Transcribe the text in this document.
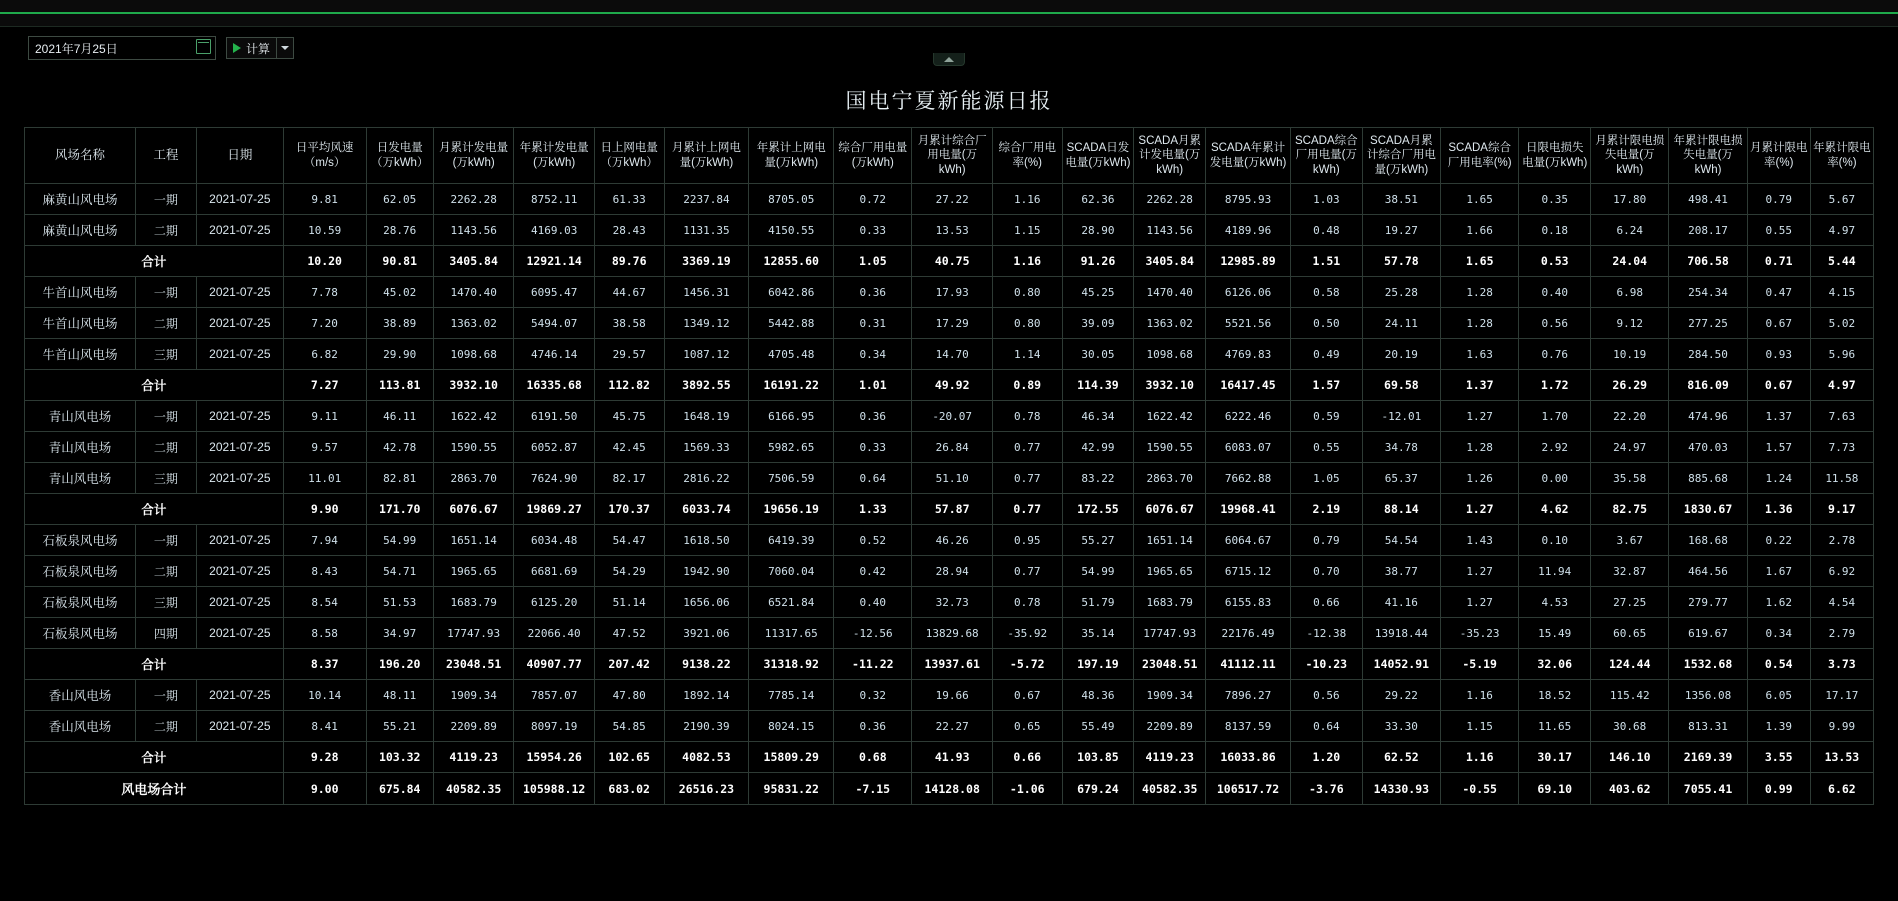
2021年7月25日	计算
国电宁夏新能源日报
风场名称	工程	日期	日平均风速（m/s）	日发电量（万kWh）	月累计发电量(万kWh)	年累计发电量(万kWh)	日上网电量（万kWh）	月累计上网电量(万kWh)	年累计上网电量(万kWh)	综合厂用电量(万kWh)	月累计综合厂用电量(万kWh)	综合厂用电率(%)	SCADA日发电量(万kWh)	SCADA月累计发电量(万kWh)	SCADA年累计发电量(万kWh)	SCADA综合厂用电量(万kWh)	SCADA月累计综合厂用电量(万kWh)	SCADA综合厂用电率(%)	日限电损失电量(万kWh)	月累计限电损失电量(万kWh)	年累计限电损失电量(万kWh)	月累计限电率(%)	年累计限电率(%)
麻黄山风电场	一期	2021-07-25	9.81	62.05	2262.28	8752.11	61.33	2237.84	8705.05	0.72	27.22	1.16	62.36	2262.28	8795.93	1.03	38.51	1.65	0.35	17.80	498.41	0.79	5.67
麻黄山风电场	二期	2021-07-25	10.59	28.76	1143.56	4169.03	28.43	1131.35	4150.55	0.33	13.53	1.15	28.90	1143.56	4189.96	0.48	19.27	1.66	0.18	6.24	208.17	0.55	4.97
合计			10.20	90.81	3405.84	12921.14	89.76	3369.19	12855.60	1.05	40.75	1.16	91.26	3405.84	12985.89	1.51	57.78	1.65	0.53	24.04	706.58	0.71	5.44
牛首山风电场	一期	2021-07-25	7.78	45.02	1470.40	6095.47	44.67	1456.31	6042.86	0.36	17.93	0.80	45.25	1470.40	6126.06	0.58	25.28	1.28	0.40	6.98	254.34	0.47	4.15
牛首山风电场	二期	2021-07-25	7.20	38.89	1363.02	5494.07	38.58	1349.12	5442.88	0.31	17.29	0.80	39.09	1363.02	5521.56	0.50	24.11	1.28	0.56	9.12	277.25	0.67	5.02
牛首山风电场	三期	2021-07-25	6.82	29.90	1098.68	4746.14	29.57	1087.12	4705.48	0.34	14.70	1.14	30.05	1098.68	4769.83	0.49	20.19	1.63	0.76	10.19	284.50	0.93	5.96
合计			7.27	113.81	3932.10	16335.68	112.82	3892.55	16191.22	1.01	49.92	0.89	114.39	3932.10	16417.45	1.57	69.58	1.37	1.72	26.29	816.09	0.67	4.97
青山风电场	一期	2021-07-25	9.11	46.11	1622.42	6191.50	45.75	1648.19	6166.95	0.36	-20.07	0.78	46.34	1622.42	6222.46	0.59	-12.01	1.27	1.70	22.20	474.96	1.37	7.63
青山风电场	二期	2021-07-25	9.57	42.78	1590.55	6052.87	42.45	1569.33	5982.65	0.33	26.84	0.77	42.99	1590.55	6083.07	0.55	34.78	1.28	2.92	24.97	470.03	1.57	7.73
青山风电场	三期	2021-07-25	11.01	82.81	2863.70	7624.90	82.17	2816.22	7506.59	0.64	51.10	0.77	83.22	2863.70	7662.88	1.05	65.37	1.26	0.00	35.58	885.68	1.24	11.58
合计			9.90	171.70	6076.67	19869.27	170.37	6033.74	19656.19	1.33	57.87	0.77	172.55	6076.67	19968.41	2.19	88.14	1.27	4.62	82.75	1830.67	1.36	9.17
石板泉风电场	一期	2021-07-25	7.94	54.99	1651.14	6034.48	54.47	1618.50	6419.39	0.52	46.26	0.95	55.27	1651.14	6064.67	0.79	54.54	1.43	0.10	3.67	168.68	0.22	2.78
石板泉风电场	二期	2021-07-25	8.43	54.71	1965.65	6681.69	54.29	1942.90	7060.04	0.42	28.94	0.77	54.99	1965.65	6715.12	0.70	38.77	1.27	11.94	32.87	464.56	1.67	6.92
石板泉风电场	三期	2021-07-25	8.54	51.53	1683.79	6125.20	51.14	1656.06	6521.84	0.40	32.73	0.78	51.79	1683.79	6155.83	0.66	41.16	1.27	4.53	27.25	279.77	1.62	4.54
石板泉风电场	四期	2021-07-25	8.58	34.97	17747.93	22066.40	47.52	3921.06	11317.65	-12.56	13829.68	-35.92	35.14	17747.93	22176.49	-12.38	13918.44	-35.23	15.49	60.65	619.67	0.34	2.79
合计			8.37	196.20	23048.51	40907.77	207.42	9138.22	31318.92	-11.22	13937.61	-5.72	197.19	23048.51	41112.11	-10.23	14052.91	-5.19	32.06	124.44	1532.68	0.54	3.73
香山风电场	一期	2021-07-25	10.14	48.11	1909.34	7857.07	47.80	1892.14	7785.14	0.32	19.66	0.67	48.36	1909.34	7896.27	0.56	29.22	1.16	18.52	115.42	1356.08	6.05	17.17
香山风电场	二期	2021-07-25	8.41	55.21	2209.89	8097.19	54.85	2190.39	8024.15	0.36	22.27	0.65	55.49	2209.89	8137.59	0.64	33.30	1.15	11.65	30.68	813.31	1.39	9.99
合计			9.28	103.32	4119.23	15954.26	102.65	4082.53	15809.29	0.68	41.93	0.66	103.85	4119.23	16033.86	1.20	62.52	1.16	30.17	146.10	2169.39	3.55	13.53
风电场合计			9.00	675.84	40582.35	105988.12	683.02	26516.23	95831.22	-7.15	14128.08	-1.06	679.24	40582.35	106517.72	-3.76	14330.93	-0.55	69.10	403.62	7055.41	0.99	6.62
